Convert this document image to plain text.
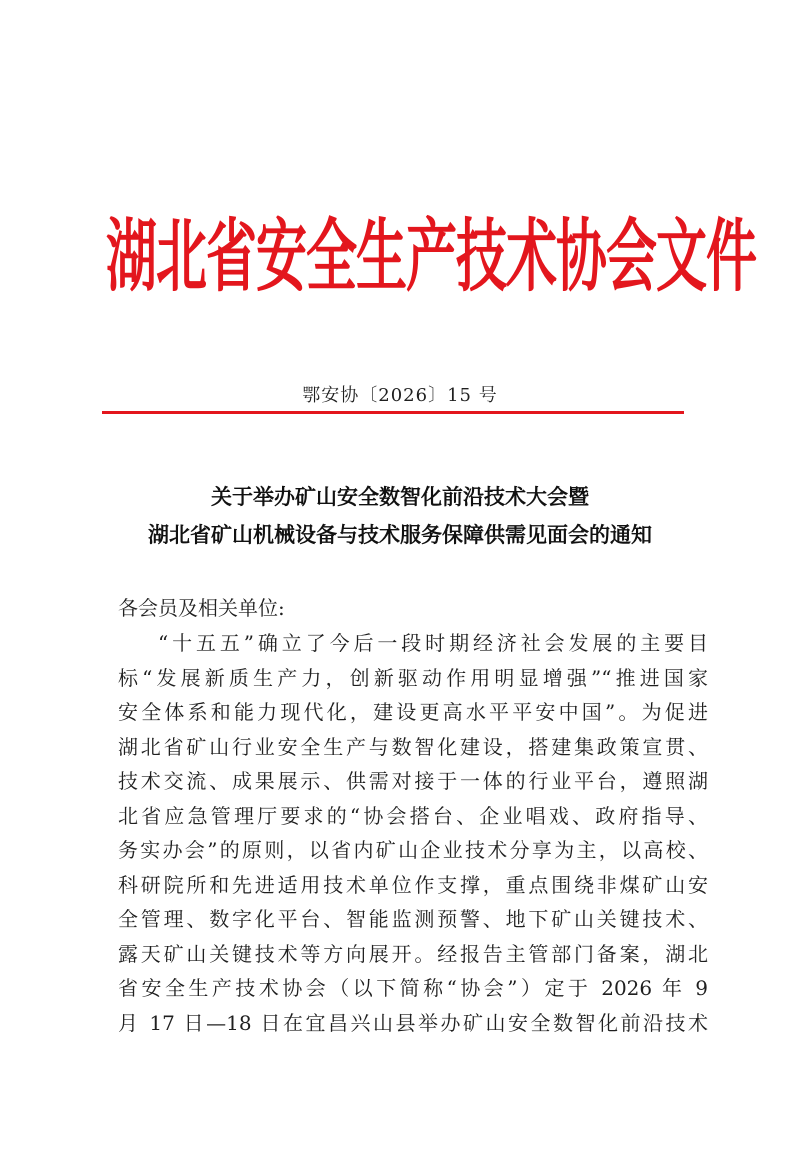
湖北省安全生产技术协会文件
鄂安协〔2026〕15 号
关于举办矿山安全数智化前沿技术大会暨
湖北省矿山机械设备与技术服务保障供需见面会的通知
各会员及相关单位:
“十五五”确立了今后一段时期经济社会发展的主要目
标“发展新质生产力，创新驱动作用明显增强”“推进国家
安全体系和能力现代化，建设更高水平平安中国”。为促进
湖北省矿山行业安全生产与数智化建设，搭建集政策宣贯、
技术交流、成果展示、供需对接于一体的行业平台，遵照湖
北省应急管理厅要求的“协会搭台、企业唱戏、政府指导、
务实办会”的原则，以省内矿山企业技术分享为主，以高校、
科研院所和先进适用技术单位作支撑，重点围绕非煤矿山安
全管理、数字化平台、智能监测预警、地下矿山关键技术、
露天矿山关键技术等方向展开。经报告主管部门备案，湖北
省安全生产技术协会（以下简称“协会”）定于 2026 年 9
月 17 日—18 日在宜昌兴山县举办矿山安全数智化前沿技术
